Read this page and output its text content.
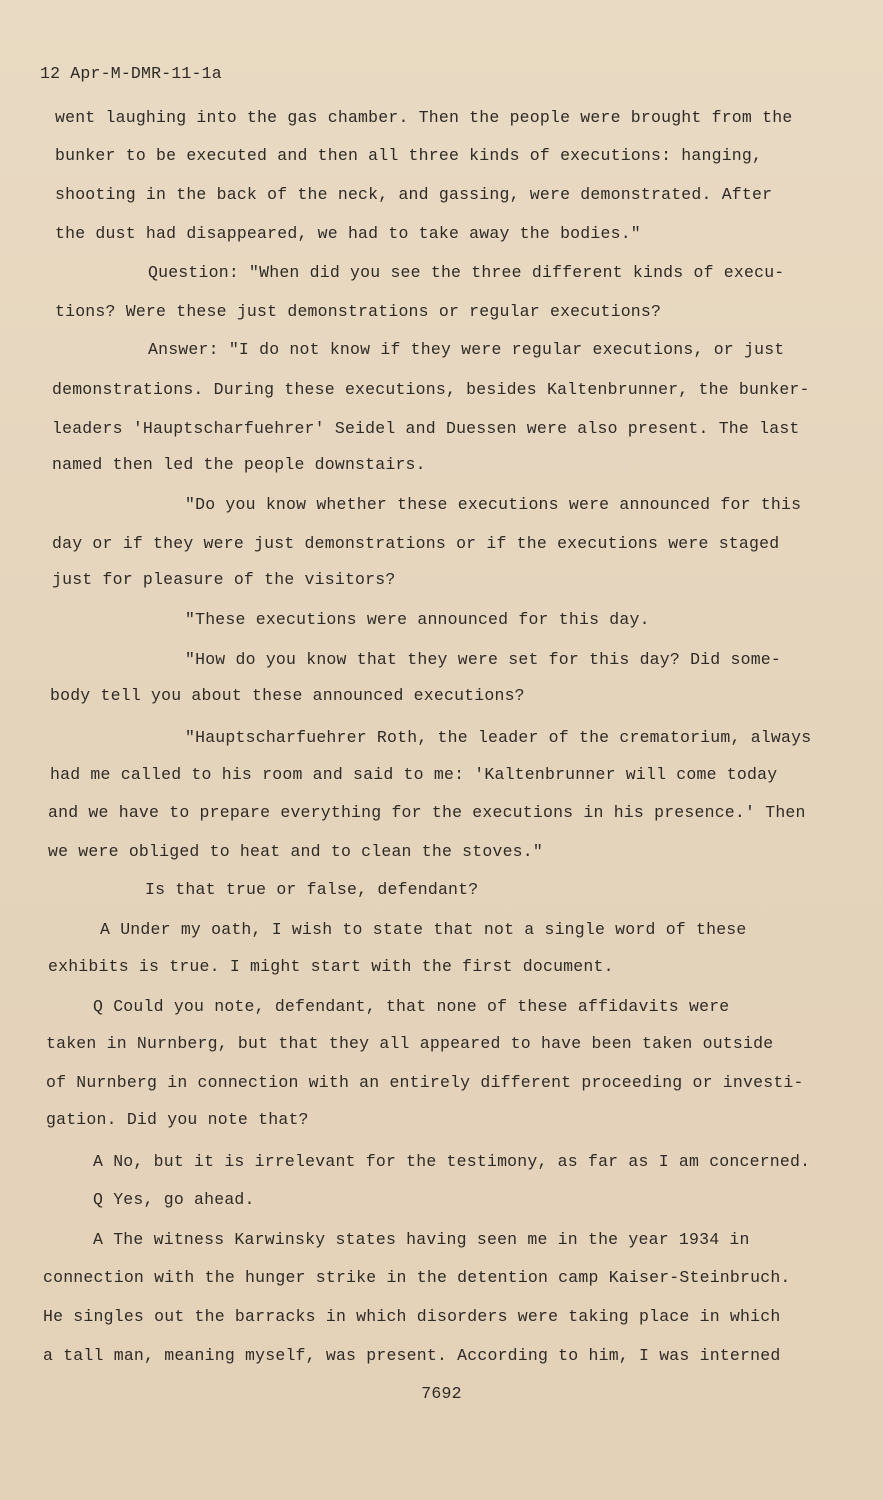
12 Apr-M-DMR-11-1a
went laughing into the gas chamber. Then the people were brought from the
bunker to be executed and then all three kinds of executions: hanging,
shooting in the back of the neck, and gassing, were demonstrated. After
the dust had disappeared, we had to take away the bodies."
Question: "When did you see the three different kinds of execu-
tions? Were these just demonstrations or regular executions?
Answer: "I do not know if they were regular executions, or just
demonstrations. During these executions, besides Kaltenbrunner, the bunker-
leaders 'Hauptscharfuehrer' Seidel and Duessen were also present. The last
named then led the people downstairs.
"Do you know whether these executions were announced for this
day or if they were just demonstrations or if the executions were staged
just for pleasure of the visitors?
"These executions were announced for this day.
"How do you know that they were set for this day? Did some-
body tell you about these announced executions?
"Hauptscharfuehrer Roth, the leader of the crematorium, always
had me called to his room and said to me: 'Kaltenbrunner will come today
and we have to prepare everything for the executions in his presence.' Then
we were obliged to heat and to clean the stoves."
Is that true or false, defendant?
A Under my oath, I wish to state that not a single word of these
exhibits is true. I might start with the first document.
Q Could you note, defendant, that none of these affidavits were
taken in Nurnberg, but that they all appeared to have been taken outside
of Nurnberg in connection with an entirely different proceeding or investi-
gation. Did you note that?
A No, but it is irrelevant for the testimony, as far as I am concerned.
Q Yes, go ahead.
A The witness Karwinsky states having seen me in the year 1934 in
connection with the hunger strike in the detention camp Kaiser-Steinbruch.
He singles out the barracks in which disorders were taking place in which
a tall man, meaning myself, was present. According to him, I was interned
7692
